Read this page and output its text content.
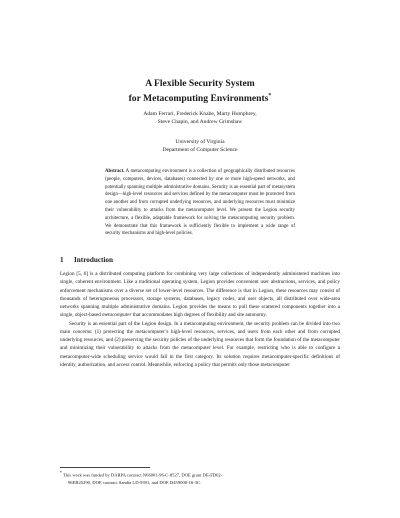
A Flexible Security System
for Metacomputing Environments*
Adam Ferrari, Frederick Knabe, Marty Humphrey,
Steve Chapin, and Andrew Grimshaw
University of Virginia
Department of Computer Science
Abstract. A metacomputing environment is a collection of geographically distributed resources (people, computers, devices, databases) connected by one or more high-speed networks, and potentially spanning multiple administrative domains. Security is an essential part of metasystem design—high-level resources and services defined by the metacomputer must be protected from one another and from corrupted underlying resources, and underlying resources must minimize their vulnerability to attacks from the metacomputer level. We present the Legion security architecture, a flexible, adaptable framework for solving the metacomputing security problem. We demonstrate that this framework is sufficiently flexible to implement a wide range of security mechanisms and high-level policies.
1 Introduction

Legion [5, 6] is a distributed computing platform for combining very large collections of independently administered machines into single, coherent environment. Like a traditional operating system, Legion provides convenient user abstractions, services, and policy enforcement mechanisms over a diverse set of lower-level resources. The difference is that in Legion, these resources may consist of thousands of heterogeneous processors, storage systems, databases, legacy codes, and user objects, all distributed over wide-area networks spanning multiple administrative domains. Legion provides the means to pull these scattered components together into a single, object-based metacomputer that accommodates high degrees of flexibility and site autonomy.

Security is an essential part of the Legion design. In a metacomputing environment, the security problem can be divided into two main concerns: (1) protecting the metacomputer’s high-level resources, services, and users from each other and from corrupted underlying resources, and (2) preserving the security policies of the underlying resources that form the foundation of the metacomputer and minimizing their vulnerability to attacks from the metacomputer level. For example, restricting who is able to configure a metacomputer-wide scheduling service would fall in the first category. Its solution requires metacomputer-specific definitions of identity, authorization, and access control. Meanwhile, enforcing a policy that permits only those metacomputer

* This work was funded by DARPA contract N66001-96-C-8527, DOE grant DE-FD02-
96ER25290, DOE contract Sandia LD-9391, and DOE D459000-16-3C.
